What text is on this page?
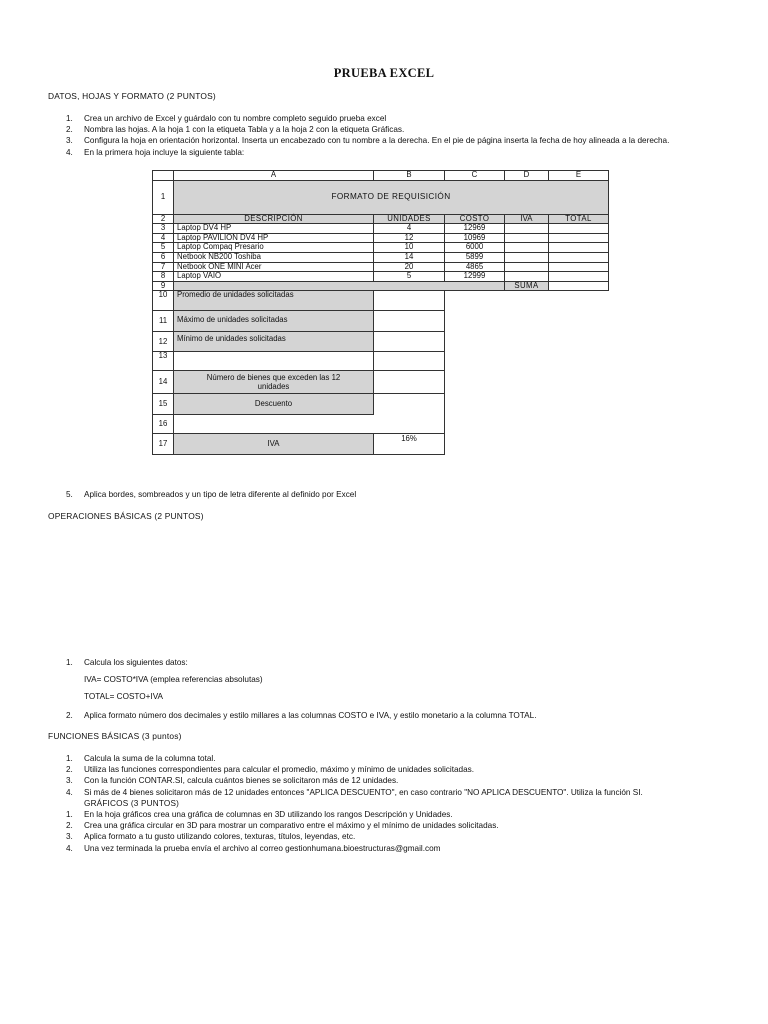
PRUEBA EXCEL
DATOS, HOJAS Y FORMATO (2 PUNTOS)
1. Crea un archivo de Excel y guárdalo con tu nombre completo seguido prueba excel
2. Nombra las hojas. A la hoja 1 con la etiqueta Tabla y a la hoja 2 con la etiqueta Gráficas.
3. Configura la hoja en orientación horizontal. Inserta un encabezado con tu nombre a la derecha. En el pie de página inserta la fecha de hoy alineada a la derecha.
4. En la primera hoja incluye la siguiente tabla:
	A	B	C	D	E
1	FORMATO DE REQUISICIÓN				
2	DESCRIPCIÓN	UNIDADES	COSTO	IVA	TOTAL
3	Laptop DV4 HP	4	12969		
4	Laptop PAVILION DV4 HP	12	10969		
5	Laptop Compaq Presario	10	6000		
6	Netbook NB200 Toshiba	14	5899		
7	Netbook ONE MINI Acer	20	4865		
8	Laptop VAIO	5	12999		
9				SUMA	
10	Promedio de unidades solicitadas				
11	Máximo de unidades solicitadas				
12	Mínimo de unidades solicitadas				
13					
14	Número de bienes que exceden las 12 unidades				
15	Descuento				
16					
17	IVA	16%			
5. Aplica bordes, sombreados y un tipo de letra diferente al definido por Excel
OPERACIONES BÁSICAS (2 PUNTOS)
1. Calcula los siguientes datos:
IVA= COSTO*IVA (emplea referencias absolutas)
TOTAL= COSTO+IVA
2. Aplica formato número dos decimales y estilo millares a las columnas COSTO e IVA, y estilo monetario a la columna TOTAL.
FUNCIONES BÁSICAS (3 puntos)
1. Calcula la suma de la columna total.
2. Utiliza las funciones correspondientes para calcular el promedio, máximo y mínimo de unidades solicitadas.
3. Con la función CONTAR.SI, calcula cuántos bienes se solicitaron más de 12 unidades.
4. Si más de 4 bienes solicitaron más de 12 unidades entonces "APLICA DESCUENTO", en caso contrario "NO APLICA DESCUENTO". Utiliza la función SI.
GRÁFICOS (3 PUNTOS)
1. En la hoja gráficos crea una gráfica de columnas en 3D utilizando los rangos Descripción y Unidades.
2. Crea una gráfica circular en 3D para mostrar un comparativo entre el máximo y el mínimo de unidades solicitadas.
3. Aplica formato a tu gusto utilizando colores, texturas, títulos, leyendas, etc.
4. Una vez terminada la prueba envía el archivo al correo gestionhumana.bioestructuras@gmail.com
